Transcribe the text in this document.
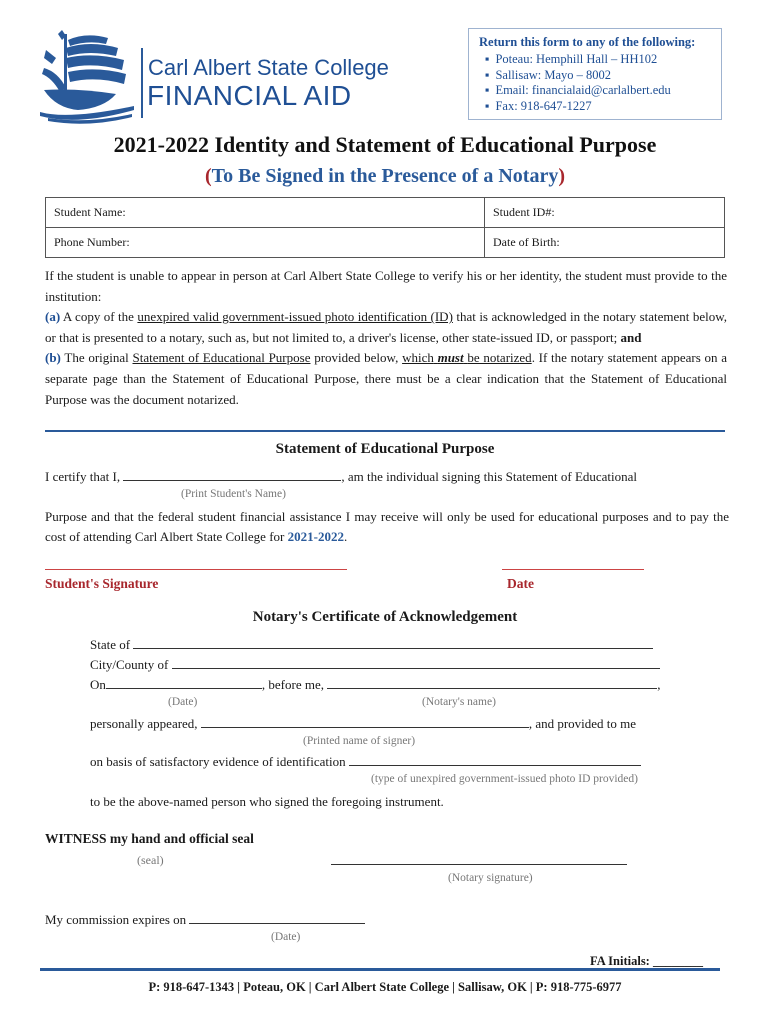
Carl Albert State College
FINANCIAL AID
Return this form to any of the following:
▪ Poteau: Hemphill Hall – HH102
▪ Sallisaw: Mayo – 8002
▪ Email: financialaid@carlalbert.edu
▪ Fax: 918-647-1227
2021-2022 Identity and Statement of Educational Purpose
(To Be Signed in the Presence of a Notary)
Student Name:	Student ID#:
Phone Number:	Date of Birth:
If the student is unable to appear in person at Carl Albert State College to verify his or her identity, the student must provide to the institution:
(a) A copy of the unexpired valid government-issued photo identification (ID) that is acknowledged in the notary statement below, or that is presented to a notary, such as, but not limited to, a driver's license, other state-issued ID, or passport; and
(b) The original Statement of Educational Purpose provided below, which must be notarized. If the notary statement appears on a separate page than the Statement of Educational Purpose, there must be a clear indication that the Statement of Educational Purpose was the document notarized.
Statement of Educational Purpose
I certify that I,	, am the individual signing this Statement of Educational
(Print Student's Name)
Purpose and that the federal student financial assistance I may receive will only be used for educational purposes and to pay the cost of attending Carl Albert State College for 2021-2022.
Student's Signature	Date
Notary's Certificate of Acknowledgement
State of
City/County of
On	, before me,	,
(Date)	(Notary's name)
personally appeared,	, and provided to me
(Printed name of signer)
on basis of satisfactory evidence of identification
(type of unexpired government-issued photo ID provided)
to be the above-named person who signed the foregoing instrument.
WITNESS my hand and official seal
(seal)
(Notary signature)
My commission expires on
(Date)
FA Initials: ________
P: 918-647-1343 | Poteau, OK | Carl Albert State College | Sallisaw, OK | P: 918-775-6977
